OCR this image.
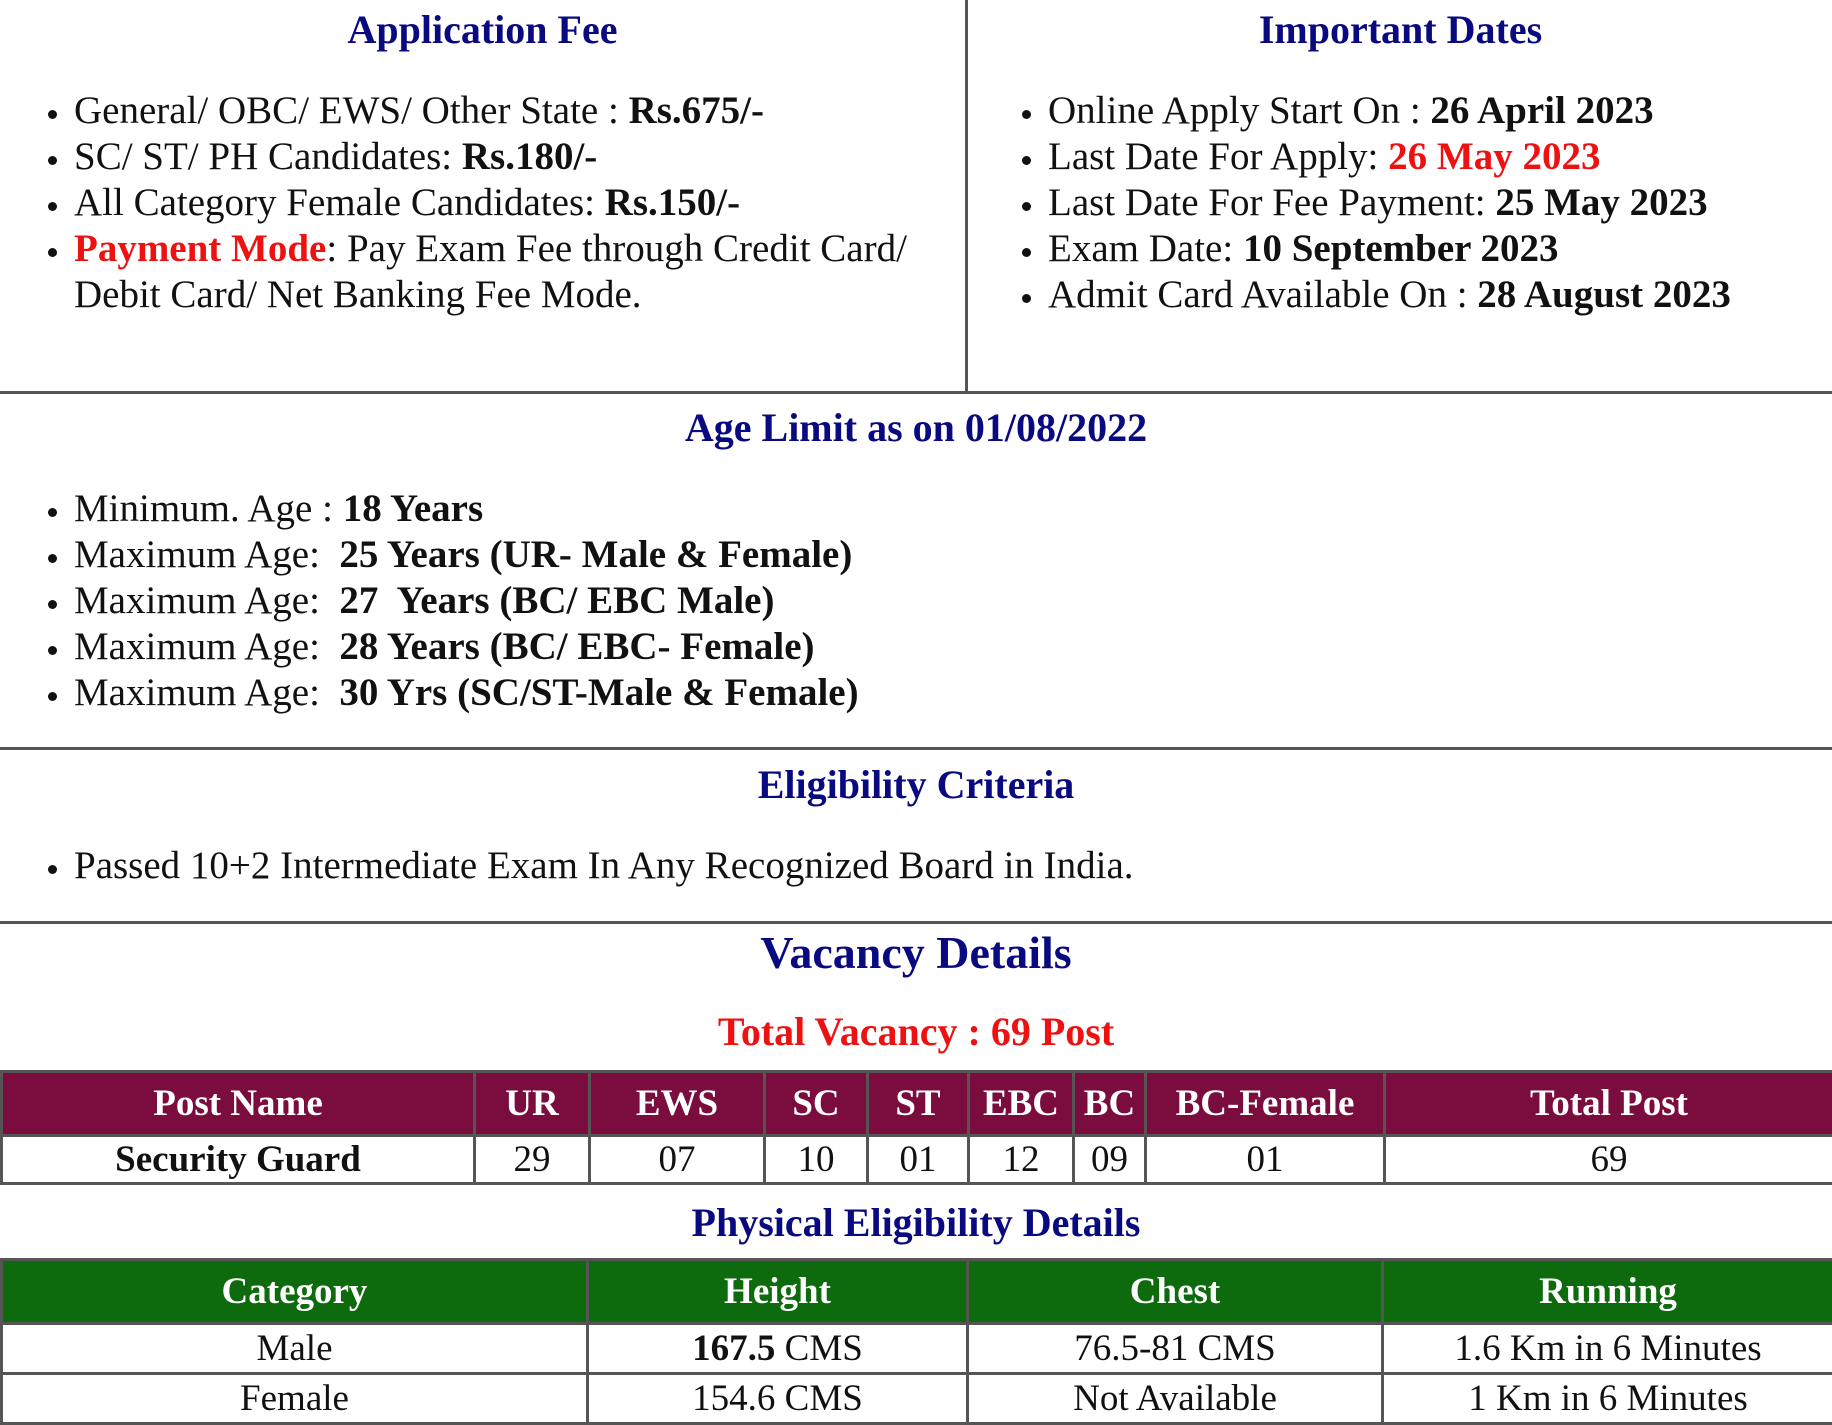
Application Fee
General/ OBC/ EWS/ Other State : Rs.675/-
SC/ ST/ PH Candidates: Rs.180/-
All Category Female Candidates: Rs.150/-
Payment Mode: Pay Exam Fee through Credit Card/ Debit Card/ Net Banking Fee Mode.
Important Dates
Online Apply Start On : 26 April 2023
Last Date For Apply: 26 May 2023
Last Date For Fee Payment: 25 May 2023
Exam Date: 10 September 2023
Admit Card Available On : 28 August 2023
Age Limit as on 01/08/2022
Minimum. Age : 18 Years
Maximum Age:  25 Years (UR- Male & Female)
Maximum Age:  27  Years (BC/ EBC Male)
Maximum Age:  28 Years (BC/ EBC- Female)
Maximum Age:  30 Yrs (SC/ST-Male & Female)
Eligibility Criteria
Passed 10+2 Intermediate Exam In Any Recognized Board in India.
Vacancy Details
Total Vacancy : 69 Post
Post Name	UR	EWS	SC	ST	EBC	BC	BC-Female	Total Post
Security Guard	29	07	10	01	12	09	01	69
Physical Eligibility Details
Category	Height	Chest	Running
Male	167.5 CMS	76.5-81 CMS	1.6 Km in 6 Minutes
Female	154.6 CMS	Not Available	1 Km in 6 Minutes
